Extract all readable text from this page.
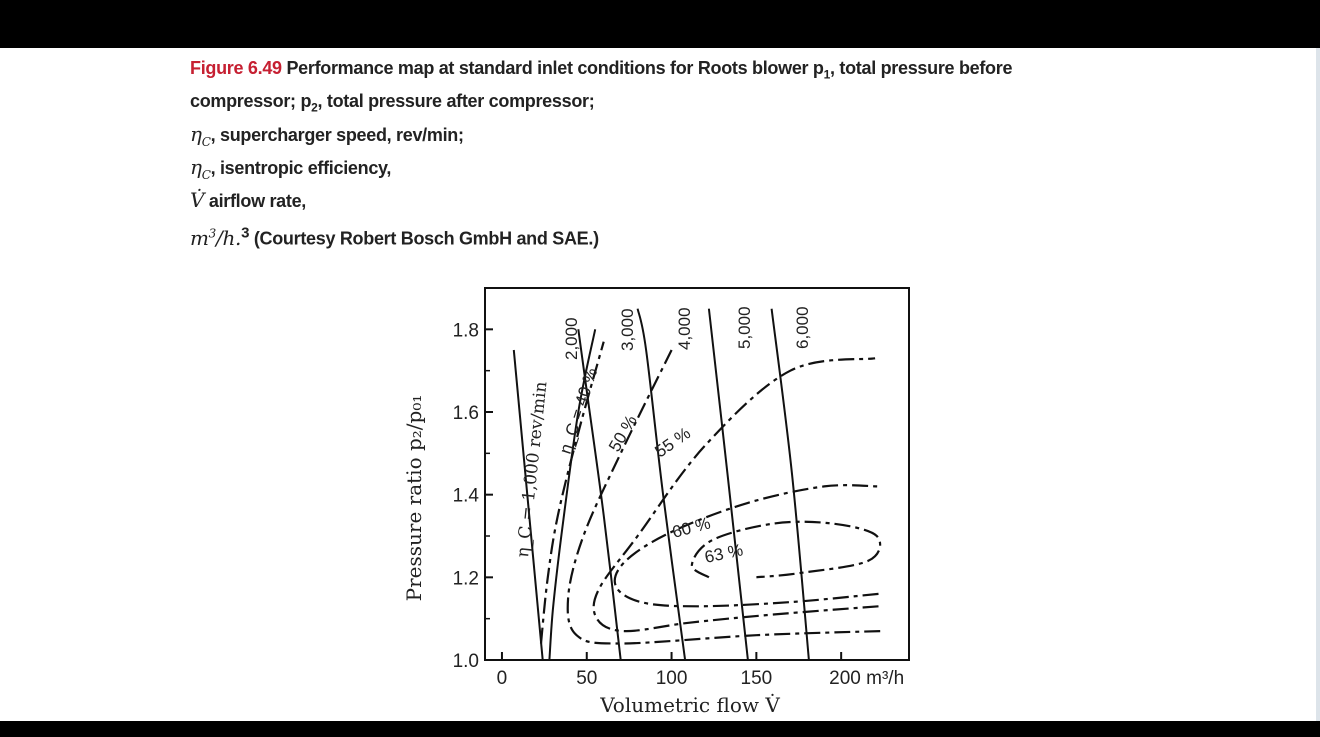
Figure 6.49 Performance map at standard inlet conditions for Roots blower $p_1$, total pressure before
compressor; $p_2$, total pressure after compressor;
$\eta_C$, supercharger speed, rev/min;
$\eta_C$, isentropic efficiency,
V̇ airflow rate,
$m^3/h.^3$ (Courtesy Robert Bosch GmbH and SAE.)
1.0
1.2
1.4
1.6
1.8
0	50	100	150	200 m³/h
Pressure ratio p₂/p₀₁
Volumetric flow V̇
η_C = 1,000 rev/min
2,000 3,000 4,000 5,000 6,000
η_C = 40 % 50 % 55 %
60 %
63 %
